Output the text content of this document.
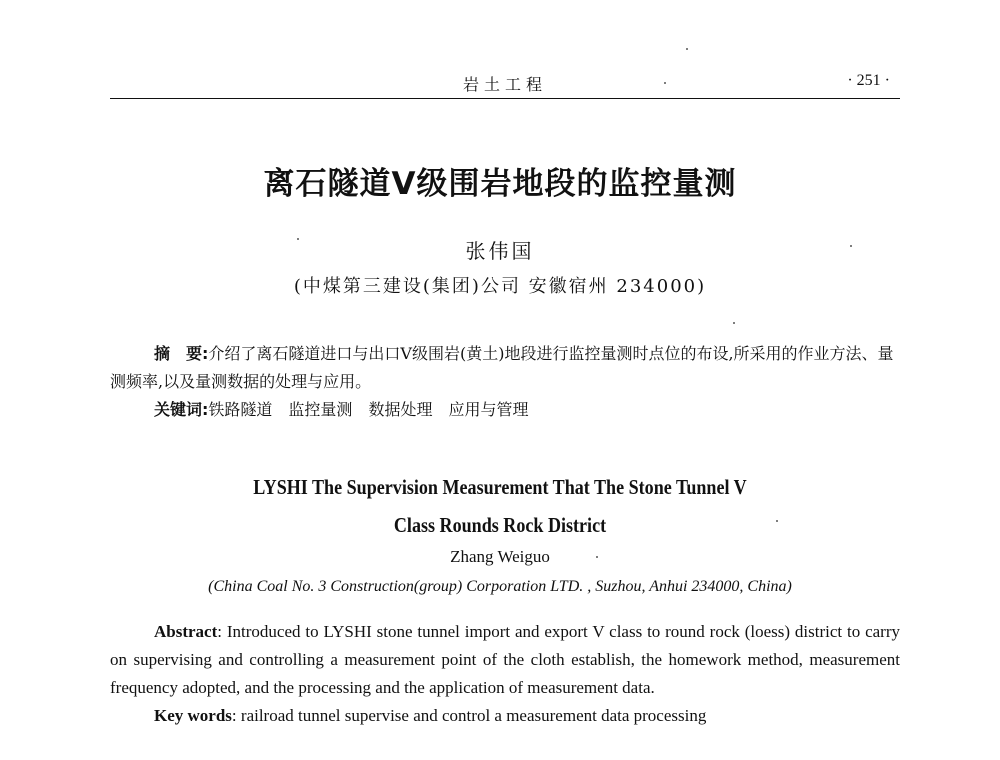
岩土工程	· 251 ·
离石隧道Ⅴ级围岩地段的监控量测
张伟国
(中煤第三建设(集团)公司 安徽宿州 234000)

摘　要:介绍了离石隧道进口与出口Ⅴ级围岩(黄土)地段进行监控量测时点位的布设,所采用的作业方法、量测频率,以及量测数据的处理与应用。

关键词:铁路隧道 监控量测 数据处理 应用与管理

LYSHI The Supervision Measurement That The Stone Tunnel V
Class Rounds Rock District
Zhang Weiguo
(China Coal No. 3 Construction(group) Corporation LTD. , Suzhou, Anhui 234000, China)

Abstract: Introduced to LYSHI stone tunnel import and export V class to round rock (loess) district to carry on supervising and controlling a measurement point of the cloth establish, the homework method, measurement frequency adopted, and the processing and the application of measurement data.

Key words: railroad tunnel supervise and control a measurement data processing
